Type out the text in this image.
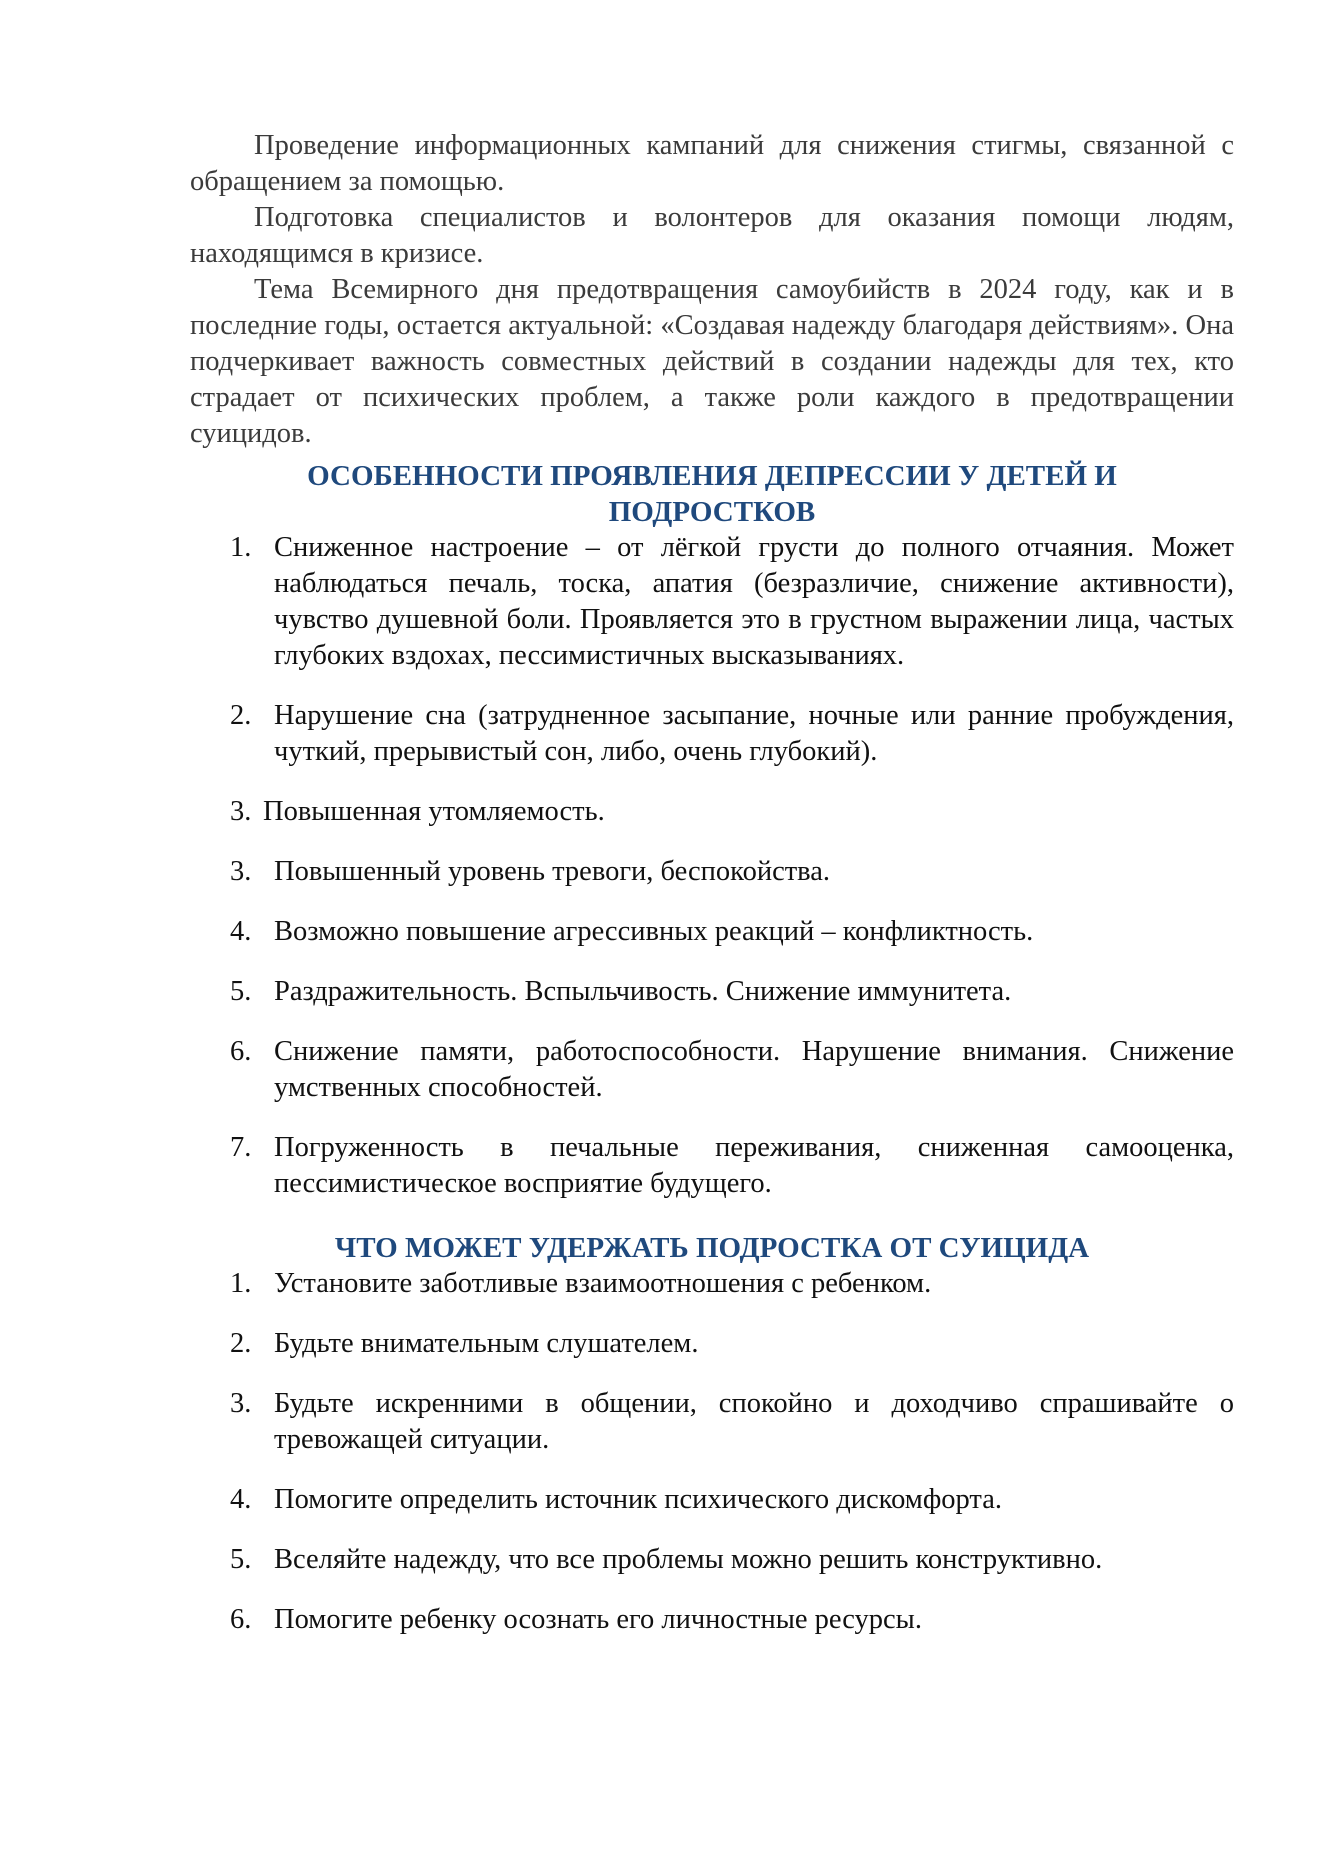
Проведение информационных кампаний для снижения стигмы, связанной с обращением за помощью.

Подготовка специалистов и волонтеров для оказания помощи людям, находящимся в кризисе.

Тема Всемирного дня предотвращения самоубийств в 2024 году, как и в последние годы, остается актуальной: «Создавая надежду благодаря действиям». Она подчеркивает важность совместных действий в создании надежды для тех, кто страдает от психических проблем, а также роли каждого в предотвращении суицидов.

ОСОБЕННОСТИ ПРОЯВЛЕНИЯ ДЕПРЕССИИ У ДЕТЕЙ И ПОДРОСТКОВ
1. Сниженное настроение – от лёгкой грусти до полного отчаяния. Может наблюдаться печаль, тоска, апатия (безразличие, снижение активности), чувство душевной боли. Проявляется это в грустном выражении лица, частых глубоких вздохах, пессимистичных высказываниях.
2. Нарушение сна (затрудненное засыпание, ночные или ранние пробуждения, чуткий, прерывистый сон, либо, очень глубокий).
3. Повышенная утомляемость.
3. Повышенный уровень тревоги, беспокойства.
4. Возможно повышение агрессивных реакций – конфликтность.
5. Раздражительность. Вспыльчивость. Снижение иммунитета.
6. Снижение памяти, работоспособности. Нарушение внимания. Снижение умственных способностей.
7. Погруженность в печальные переживания, сниженная самооценка, пессимистическое восприятие будущего.
ЧТО МОЖЕТ УДЕРЖАТЬ ПОДРОСТКА ОТ СУИЦИДА
1. Установите заботливые взаимоотношения с ребенком.
2. Будьте внимательным слушателем.
3. Будьте искренними в общении, спокойно и доходчиво спрашивайте о тревожащей ситуации.
4. Помогите определить источник психического дискомфорта.
5. Вселяйте надежду, что все проблемы можно решить конструктивно.
6. Помогите ребенку осознать его личностные ресурсы.
